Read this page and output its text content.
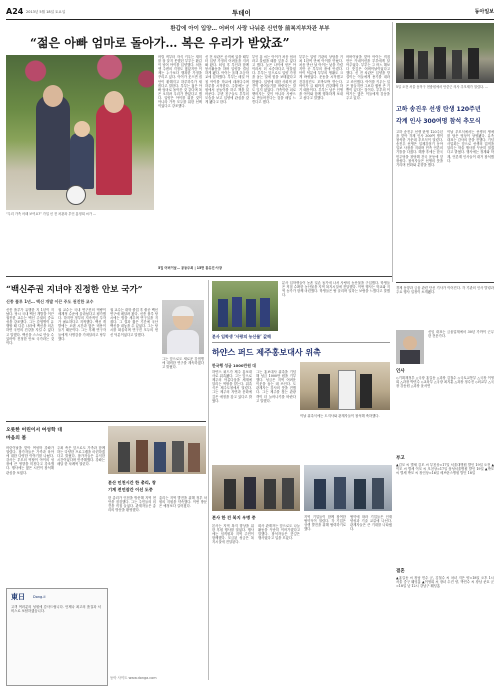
A24 2013년 5월 18일 토요일	투데이	동아일보
환갑에 아이 입양… 어버이 사랑 나눠준 신언항 前복지부차관 부부
“젊은 아빠 엄마로 돌아가… 복은 우리가 받았죠”
“우리 가족 어때 보여요?” 가입 신 전 차관과 부인 홍정희 씨가 …
어릴 적부터 자식 키우는 재미를 잘 알지 못했던 부부는 환갑이 넘어 아이를 입양했다. 처음엔 주변의 걱정도 많았지만 이제는 누구보다 행복한 가정을 꾸리고 있다. 아이가 웃으면 집안이 환해지고 하루하루가 새롭다고 말한다. 부부는 젊은 아빠 엄마로 돌아간 것 같다며 복은 오히려 우리가 받았다고 했다. 입양은 아이를 위한 것이 아니라 가족 모두를 위한 선택이었다고 강조했다.
신 전 차관은 공직에 있을 때부터 입양 가정의 어려움을 지켜봐 왔다. 퇴임 후 부인과 함께 봉사활동을 하며 입양을 결심하게 됐다. 아이는 올해 초등학교에 입학했다. 부부는 매일 아침 아이를 학교에 데려다주며 하루를 시작한다. 주말에는 공원에서 공놀이를 하고 책을 읽어준다. 주변 친구들도 부부의 모습을 보고 입양에 관심을 갖게 됐다고 한다.
부인 홍 씨는 아이가 처음 엄마라고 불렀을 때를 잊을 수 없다고 했다. 늦은 나이에 얻은 아이라서 더 소중하다고 덧붙였다. 부부는 앞으로도 입양 가정을 돕는 일에 힘을 보태겠다고 밝혔다. 입양에 대한 사회적 편견이 줄어들기를 바란다는 말도 잊지 않았다. 가족이란 피로 맺어지는 것이 아니라 사랑으로 만들어진다는 것을 매일 느낀다고 했다.
부부는 입양 기관의 상담을 거쳐 1년여 만에 아이를 만났다. 처음 만난 날 아이는 낯을 가렸지만 곧 부부의 품에 안겼다. 아이 덕분에 부부의 생활도 크게 바뀌었다. 운동을 시작했고 건강검진도 꼬박꼬박 받는다. 아이가 클 때까지 건강해야 하기 때문이다. 부부는 남은 인생을 아이와 함께 행복하게 보내고 싶다고 말했다.
어버이날을 맞아 아이는 직접 만든 카네이션을 부부에게 달아주었다. 부부는 그 어느 해보다 뜻깊은 어버이날이었다고 했다. 신 전 차관은 입양을 망설이는 이들에게 용기를 내라고 조언했다. 아이를 키우는 일은 힘들지만 그보다 훨씬 큰 기쁨이 있다는 것이다. 부부의 이야기는 많은 이들에게 감동을 주고 있다.
5일 어버이날… 공동주최 | 15면 홍유진·사장
5일 오전 서울 동작구 현충원에서 안중근 의사 추모제가 열렸다. …
고하 송진우 선생 탄생 120주년
각계 인사 300여명 참석 추모식
고하 송진우 선생 탄생 120주년을 맞아 각계 인사 300여 명이 참석한 가운데 추모식이 열렸다. 송진우 선생은 일제강점기 동아일보 사장을 지내며 민족 언론의 기틀을 다졌다. 해방 후에는 한국민주당을 창당해 건국 운동에 앞장섰다. 참석자들은 선생의 뜻을 기리며 헌화와 분향을 했다.
이날 추모식에서는 선생의 생애를 담은 영상이 상영됐다. 유족 대표는 감사의 뜻을 전했다. 기념사업회는 앞으로 선생의 업적을 알리는 학술 행사를 꾸준히 열겠다고 밝혔다. 행사에는 정계와 학계, 언론계 인사들이 대거 참석했다.
“백신주권 지녀야 진정한 안보 국가”
신종 플루 1년… 백신 개발 이끈 주도 권진한 교수
신종 플루가 유행한 지 1년이 지났다. 당시 국내 백신 개발을 이끈 권진한 교수는 백신 주권의 중요성을 강조했다. 그는 감염병이 유행할 때 다른 나라에 백신을 의존하면 국민의 건강을 지킬 수 없다고 말했다. 백신을 스스로 만들 수 있어야 진정한 안보 국가라는 것이다.
권 교수는 국내 연구진의 역량이 세계적 수준에 올라섰다고 평가했다. 하지만 정부의 지속적인 투자가 필요하다고 지적했다. 백신 개발에는 오랜 시간과 많은 비용이 들기 때문이다. 그는 후배 연구자들에게 사명감을 가져달라고 당부했다.
권 교수는 대학 졸업 후 줄곧 백신 연구에 매달려 왔다. 신종 플루 당시에는 밤을 새우며 연구실을 지켰다. 그 결과 짧은 기간에 국산 백신을 내놓을 수 있었다. 그는 당시를 떠올리며 연구진 모두의 헌신 덕분이었다고 말했다.
그는 앞으로도 새로운 감염병에 대비한 연구를 계속하겠다고 밝혔다.
분사 입학생들이 농촌 일손 돕기에 나서 사랑의 농산물을 구입했다. 학생들은 직접 수확한 농산물을 지역 복지시설에 전달했다. 이번 행사는 학교와 지역 농가가 함께 마련했다. 학생들은 땀 흘리며 일하는 보람을 느꼈다고 말했다.
분사 입학생 ‘사랑의 농산물’ 값해
하얀스 퍼드 제주홍보대사 위촉
한국행 성금 1000만원 대
하얀스 퍼드가 제주 홍보대사로 위촉됐다. 그는 앞으로 제주의 아름다움을 세계에 알리는 역할을 맡는다. 위촉식은 제주도청에서 열렸다. 그는 제주의 자연과 문화에 깊은 애정을 갖고 있다고 밝혔다.
그는 홍보대사 위촉을 기념해 성금 1000만 원을 기부했다. 성금은 지역 어려운 이웃을 돕는 데 쓰인다. 도 관계자는 감사의 뜻을 전했다. 그는 제주를 찾는 관광객이 더 늘어나기를 바란다고 말했다.
이날 위촉식에는 도지사와 관계자들이 참석해 축하했다.
경제 동향과 금융 관련 단신 기사가 이어진다. 각 기관의 인사 발령과 주요 행사 일정이 소개됐다.
신임 대표는 금융업계에서 30년 가까이 근무한 전문가다.
인사
◇기획재정부 △국장 홍길동 △과장 김철수 ◇국토교통부 △국장 이영희 △과장 박민수 ◇교육부 △국장 최지훈 △과장 정수진 ◇외교부 △국장 강동원 △과장 윤서연
부고
▲김모 씨 별세 김모 씨 부친상=17일 서울대병원 발인 19일 오전 ▲이모 씨 별세 이모 씨 모친상=17일 삼성서울병원 발인 19일 ▲박모 씨 별세 박모 씨 장인상=16일 세브란스병원 발인 18일
결혼
▲홍길동 씨 장남 민수 군, 김철수 씨 차녀 지은 양=18일 오후 1시 서울 중구 웨딩홀 ▲이영희 씨 장녀 수진 양, 박민수 씨 장남 준호 군=18일 낮 12시 강남구 웨딩홀
오롯한 어린이서 여성학 대
마음의 봄
어린이날을 맞아 여성학 강좌가 열렸다. 참가자들은 가족과 육아에 대한 다양한 이야기를 나눴다. 강사는 부모의 역할이 아이의 성장에 큰 영향을 미친다고 강조했다. 행사에는 많은 시민이 참석해 관심을 보였다.
주최 측은 앞으로도 가족과 함께하는 다양한 프로그램을 마련하겠다고 밝혔다. 참가자들은 유익한 시간이었다며 만족해했다. 강좌는 매달 한 차례씩 열린다.
분산 인천시간 한 총리, 창
기계 전언잠간 이선 도중
한 총리가 인천을 방문해 지역 현안을 점검했다. 그는 주민들의 의견을 직접 들었다. 관계자들은 총리의 방문을 환영했다.
총리는 지역 발전을 위해 정부 차원의 지원을 약속했다. 이번 방문은 예정보다 길어졌다.
본사 한 건 복지 우병 중
본사는 지역 복지 향상을 위한 후원 행사를 열었다. 행사에는 임직원과 지역 주민이 함께했다. 모금된 성금은 복지시설에 전달된다.
회사 관계자는 앞으로도 나눔 활동을 꾸준히 이어가겠다고 말했다. 참석자들은 뜻깊은 행사였다고 입을 모았다.
지역 기업들이 함께 참여한 협약식이 열렸다. 각 기업은 상생 발전을 위해 협력하기로 했다.
협약에 따라 기업들은 인재 양성과 기술 교류에 나선다. 관계자들은 큰 기대를 나타냈다.
東日 Dong-il
고객 여러분의 성원에 감사드립니다. 언제나 최고의 품질과 서비스로 보답하겠습니다.
동아 사이트 www.donga.com
